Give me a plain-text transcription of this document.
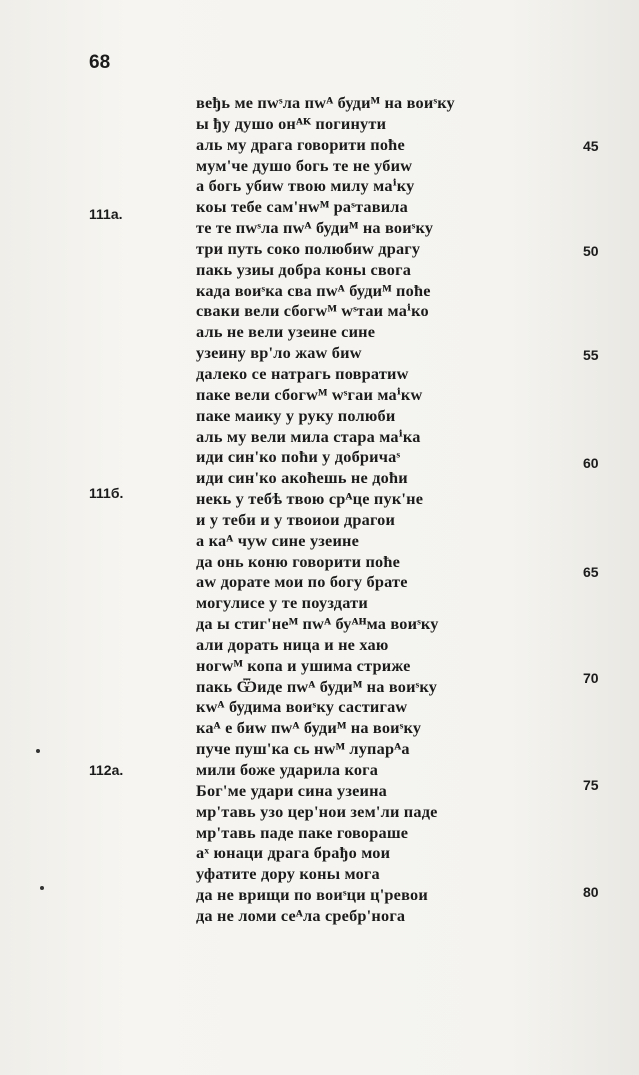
68
111a.
111б.
112a.
45
50
55
60
65
70
75
80
веђь ме пwˢла пwᴬ будиᴹ на воиˢку
ы ђу душо онᴬᴷ погинути
аль му драга говорити поће
мум'че душо богь те не убиw
а богь убиw твою милу маⁱку
коы тебе сам'нwᴹ раˢтавила
те те пwˢла пwᴬ будиᴹ на воиˢку
три путь соко полюбиw драгу
пакь узиы добра коньı свога
када воиˢка сва пwᴬ будиᴹ поће
сваки вели сбогwᴹ wˢтаи маⁱко
аль не вели узеине сине
узеину вр'ло жаw биw
далеко се натрагь повратиw
паке вели сбогwᴹ wˢгаи маⁱкw
паке маику у руку полюби
аль му вели мила стара маⁱка
иди син'ко поћи у добричаˢ
иди син'ко акоћешь не доћи
некь у тебѣ твою срᴬце пук'не
и у теби и у твоиои драгои
а каᴬ чуw сине узеине
да онь коню говорити поће
аw дорате мои по богу брате
могулисе у те поуздати
да ы стиг'неᴹ пwᴬ буᴬᴴма воиˢку
али дорать ница и не хаю
ногwᴹ копа и ушима стриже
пакь Ѿиде пwᴬ будиᴹ на воиˢку
кwᴬ будима воиˢку састигаw
каᴬ е биw пwᴬ будиᴹ на воиˢку
пуче пуш'ка сь нwᴹ лупарᴬа
мили боже ударила кога
Бог'ме удари сина узеина
мр'тавь узо цер'нои зем'ли паде
мр'тавь паде паке говораше
аˣ юнаци драга брађо мои
уфатите дору коньı мога
да не врищи по воиˢци ц'ревои
да не ломи сеᴬла сребр'нога
